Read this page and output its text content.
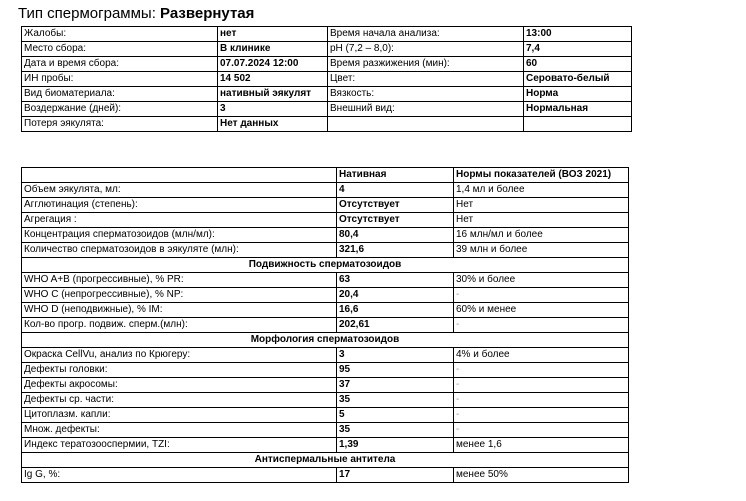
Тип спермограммы: Развернутая
Жалобы:	нет	Время начала анализа:	13:00
Место сбора:	В клинике	pH (7,2 – 8,0):	7,4
Дата и время сбора:	07.07.2024 12:00	Время разжижения (мин):	60
ИН пробы:	14 502	Цвет:	Серовато-белый
Вид биоматериала:	нативный эякулят	Вязкость:	Норма
Воздержание (дней):	3	Внешний вид:	Нормальная
Потеря эякулята:	Нет данных		
	Нативная	Нормы показателей (ВОЗ 2021)
Объем эякулята, мл:	4	1,4 мл и более
Агглютинация (степень):	Отсутствует	Нет
Агрегация :	Отсутствует	Нет
Концентрация сперматозоидов (млн/мл):	80,4	16 млн/мл и более
Количество сперматозоидов в эякуляте (млн):	321,6	39 млн и более
Подвижность сперматозоидов		
WHO A+B (прогрессивные), % PR:	63	30% и более
WHO C (непрогрессивные), % NP:	20,4	-
WHO D (неподвижные), % IM:	16,6	60% и менее
Кол-во прогр. подвиж. сперм.(млн):	202,61	-
Морфология сперматозоидов		
Окраска CellVu, анализ по Крюгеру:	3	4% и более
Дефекты головки:	95	-
Дефекты акросомы:	37	-
Дефекты ср. части:	35	-
Цитоплазм. капли:	5	-
Множ. дефекты:	35	-
Индекс тератозооспермии, TZI:	1,39	менее 1,6
Антиспермальные антитела		
Ig G, %:	17	менее 50%
